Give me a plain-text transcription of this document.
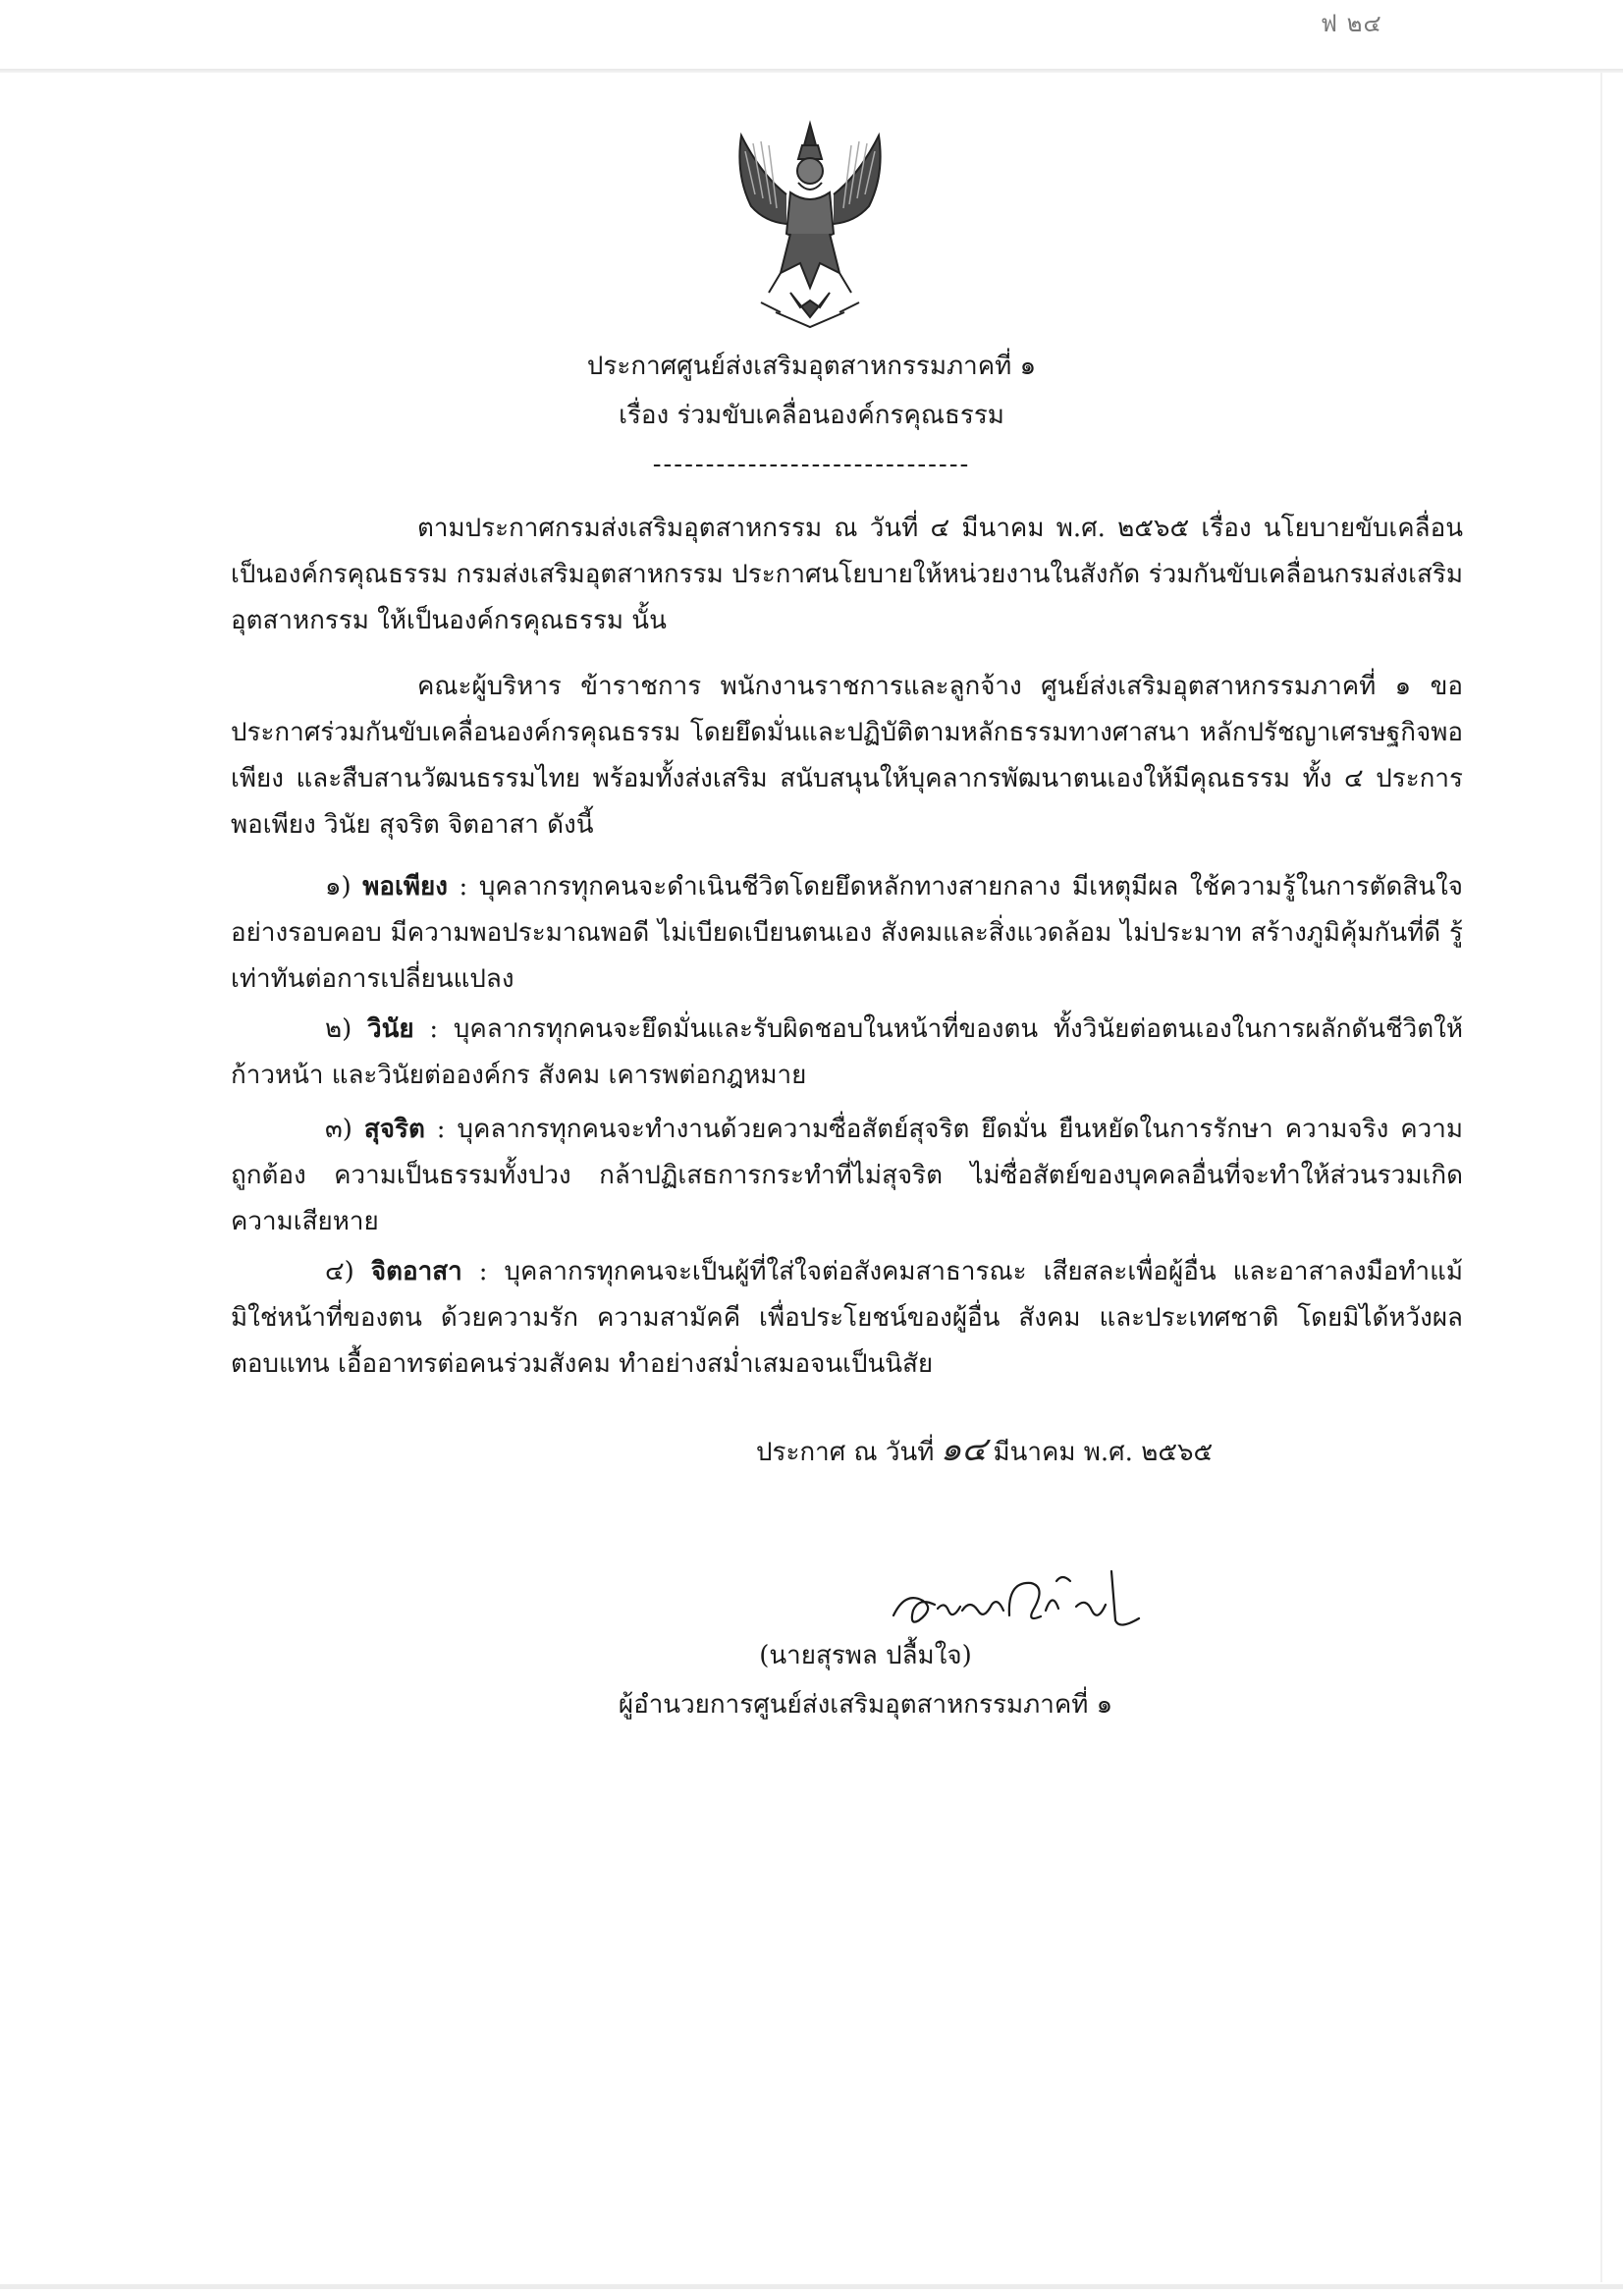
ฟ ๒๔
ประกาศศูนย์ส่งเสริมอุตสาหกรรมภาคที่ ๑
เรื่อง ร่วมขับเคลื่อนองค์กรคุณธรรม
------------------------------

ตามประกาศกรมส่งเสริมอุตสาหกรรม ณ วันที่ ๔ มีนาคม พ.ศ. ๒๕๖๕ เรื่อง นโยบายขับเคลื่อนเป็นองค์กรคุณธรรม กรมส่งเสริมอุตสาหกรรม ประกาศนโยบายให้หน่วยงานในสังกัด ร่วมกันขับเคลื่อนกรมส่งเสริมอุตสาหกรรม ให้เป็นองค์กรคุณธรรม นั้น

คณะผู้บริหาร ข้าราชการ พนักงานราชการและลูกจ้าง ศูนย์ส่งเสริมอุตสาหกรรมภาคที่ ๑ ขอประกาศร่วมกันขับเคลื่อนองค์กรคุณธรรม โดยยึดมั่นและปฏิบัติตามหลักธรรมทางศาสนา หลักปรัชญาเศรษฐกิจพอเพียง และสืบสานวัฒนธรรมไทย พร้อมทั้งส่งเสริม สนับสนุนให้บุคลากรพัฒนาตนเองให้มีคุณธรรม ทั้ง ๔ ประการ พอเพียง วินัย สุจริต จิตอาสา ดังนี้

๑) พอเพียง : บุคลากรทุกคนจะดำเนินชีวิตโดยยึดหลักทางสายกลาง มีเหตุมีผล ใช้ความรู้ในการตัดสินใจอย่างรอบคอบ มีความพอประมาณพอดี ไม่เบียดเบียนตนเอง สังคมและสิ่งแวดล้อม ไม่ประมาท สร้างภูมิคุ้มกันที่ดี รู้เท่าทันต่อการเปลี่ยนแปลง

๒) วินัย : บุคลากรทุกคนจะยึดมั่นและรับผิดชอบในหน้าที่ของตน ทั้งวินัยต่อตนเองในการผลักดันชีวิตให้ก้าวหน้า และวินัยต่อองค์กร สังคม เคารพต่อกฎหมาย

๓) สุจริต : บุคลากรทุกคนจะทำงานด้วยความซื่อสัตย์สุจริต ยึดมั่น ยืนหยัดในการรักษา ความจริง ความถูกต้อง ความเป็นธรรมทั้งปวง กล้าปฏิเสธการกระทำที่ไม่สุจริต ไม่ซื่อสัตย์ของบุคคลอื่นที่จะทำให้ส่วนรวมเกิดความเสียหาย

๔) จิตอาสา : บุคลากรทุกคนจะเป็นผู้ที่ใส่ใจต่อสังคมสาธารณะ เสียสละเพื่อผู้อื่น และอาสาลงมือทำแม้มิใช่หน้าที่ของตน ด้วยความรัก ความสามัคคี เพื่อประโยชน์ของผู้อื่น สังคม และประเทศชาติ โดยมิได้หวังผลตอบแทน เอื้ออาทรต่อคนร่วมสังคม ทำอย่างสม่ำเสมอจนเป็นนิสัย

ประกาศ ณ วันที่ ๑๔ มีนาคม พ.ศ. ๒๕๖๕
(นายสุรพล ปลื้มใจ)
ผู้อำนวยการศูนย์ส่งเสริมอุตสาหกรรมภาคที่ ๑
